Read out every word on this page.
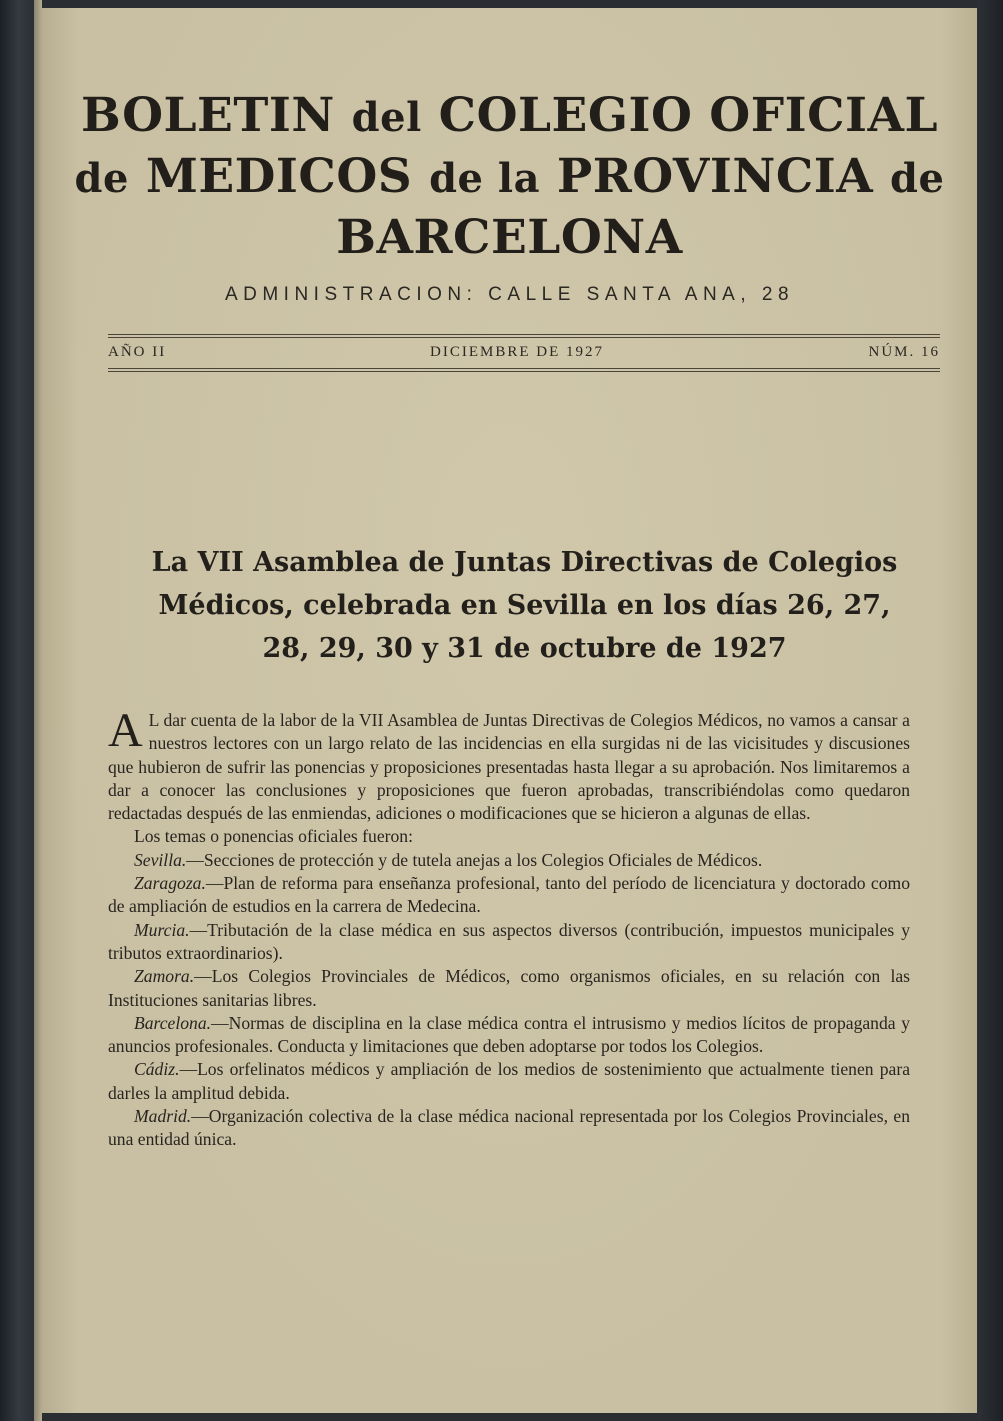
BOLETIN del COLEGIO OFICIAL
de MEDICOS de la PROVINCIA de
BARCELONA
ADMINISTRACION: CALLE SANTA ANA, 28
AÑO II	DICIEMBRE DE 1927	NÚM. 16
La VII Asamblea de Juntas Directivas de Colegios
Médicos, celebrada en Sevilla en los días 26, 27,
28, 29, 30 y 31 de octubre de 1927

A L dar cuenta de la labor de la VII Asamblea de Juntas Directivas de Colegios Médicos, no vamos a cansar a nuestros lectores con un largo relato de las incidencias en ella surgidas ni de las vicisitudes y discusiones que hubieron de sufrir las ponencias y proposiciones presentadas hasta llegar a su aprobación. Nos limitaremos a dar a conocer las conclusiones y proposiciones que fueron aprobadas, transcribiéndolas como quedaron redactadas después de las enmiendas, adiciones o modificaciones que se hicieron a algunas de ellas.

Los temas o ponencias oficiales fueron:

Sevilla.—Secciones de protección y de tutela anejas a los Colegios Oficiales de Médicos.

Zaragoza.—Plan de reforma para enseñanza profesional, tanto del período de licenciatura y doctorado como de ampliación de estudios en la carrera de Medecina.

Murcia.—Tributación de la clase médica en sus aspectos diversos (contribución, impuestos municipales y tributos extraordinarios).

Zamora.—Los Colegios Provinciales de Médicos, como organismos oficiales, en su relación con las Instituciones sanitarias libres.

Barcelona.—Normas de disciplina en la clase médica contra el intrusismo y medios lícitos de propaganda y anuncios profesionales. Conducta y limitaciones que deben adoptarse por todos los Colegios.

Cádiz.—Los orfelinatos médicos y ampliación de los medios de sostenimiento que actualmente tienen para darles la amplitud debida.

Madrid.—Organización colectiva de la clase médica nacional representada por los Colegios Provinciales, en una entidad única.
